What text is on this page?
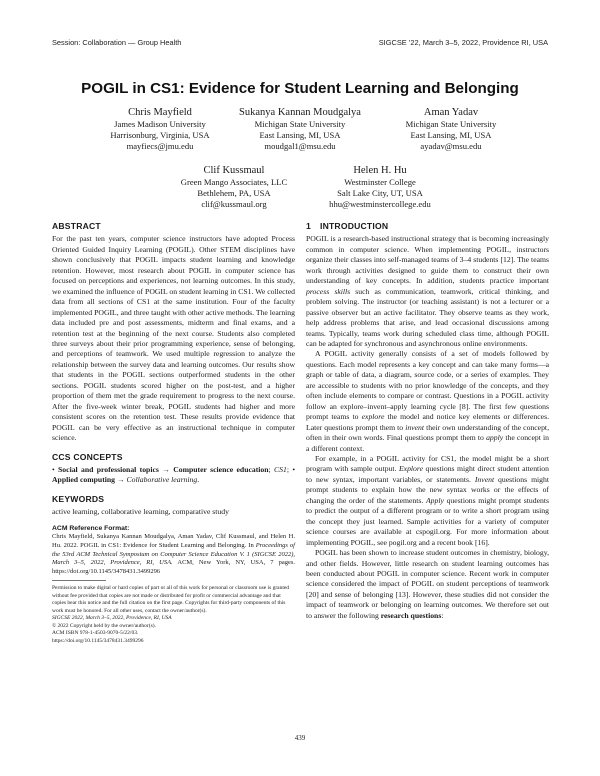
Session: Collaboration — Group Health	SIGCSE ’22, March 3–5, 2022, Providence RI, USA
POGIL in CS1: Evidence for Student Learning and Belonging
Chris Mayfield
James Madison University
Harrisonburg, Virginia, USA
mayfiecs@jmu.edu
Sukanya Kannan Moudgalya
Michigan State University
East Lansing, MI, USA
moudgal1@msu.edu
Aman Yadav
Michigan State University
East Lansing, MI, USA
ayadav@msu.edu
Clif Kussmaul
Green Mango Associates, LLC
Bethlehem, PA, USA
clif@kussmaul.org
Helen H. Hu
Westminster College
Salt Lake City, UT, USA
hhu@westminstercollege.edu
ABSTRACT

For the past ten years, computer science instructors have adopted Process Oriented Guided Inquiry Learning (POGIL). Other STEM disciplines have shown conclusively that POGIL impacts student learning and knowledge retention. However, most research about POGIL in computer science has focused on perceptions and experiences, not learning outcomes. In this study, we examined the influence of POGIL on student learning in CS1. We collected data from all sections of CS1 at the same institution. Four of the faculty implemented POGIL, and three taught with other active methods. The learning data included pre and post assessments, midterm and final exams, and a retention test at the beginning of the next course. Students also completed three surveys about their prior programming experience, sense of belonging, and perceptions of teamwork. We used multiple regression to analyze the relationship between the survey data and learning outcomes. Our results show that students in the POGIL sections outperformed students in the other sections. POGIL students scored higher on the post-test, and a higher proportion of them met the grade requirement to progress to the next course. After the five-week winter break, POGIL students had higher and more consistent scores on the retention test. These results provide evidence that POGIL can be very effective as an instructional technique in computer science.

CCS CONCEPTS

• Social and professional topics → Computer science education; CS1; • Applied computing → Collaborative learning.

KEYWORDS

active learning, collaborative learning, comparative study

ACM Reference Format:
Chris Mayfield, Sukanya Kannan Moudgalya, Aman Yadav, Clif Kussmaul, and Helen H. Hu. 2022. POGIL in CS1: Evidence for Student Learning and Belonging. In Proceedings of the 53rd ACM Technical Symposium on Computer Science Education V. 1 (SIGCSE 2022), March 3–5, 2022, Providence, RI, USA. ACM, New York, NY, USA, 7 pages. https://doi.org/10.1145/3478431.3499296
Permission to make digital or hard copies of part or all of this work for personal or classroom use is granted without fee provided that copies are not made or distributed for profit or commercial advantage and that copies bear this notice and the full citation on the first page. Copyrights for third-party components of this work must be honored. For all other uses, contact the owner/author(s).
SIGCSE 2022, March 3–5, 2022, Providence, RI, USA
© 2022 Copyright held by the owner/author(s).
ACM ISBN 978-1-4503-9070-5/22/03.
https://doi.org/10.1145/3478431.3499296
1 INTRODUCTION

POGIL is a research-based instructional strategy that is becoming increasingly common in computer science. When implementing POGIL, instructors organize their classes into self-managed teams of 3–4 students [12]. The teams work through activities designed to guide them to construct their own understanding of key concepts. In addition, students practice important process skills such as communication, teamwork, critical thinking, and problem solving. The instructor (or teaching assistant) is not a lecturer or a passive observer but an active facilitator. They observe teams as they work, help address problems that arise, and lead occasional discussions among teams. Typically, teams work during scheduled class time, although POGIL can be adapted for synchronous and asynchronous online environments.

A POGIL activity generally consists of a set of models followed by questions. Each model represents a key concept and can take many forms—a graph or table of data, a diagram, source code, or a series of examples. They are accessible to students with no prior knowledge of the concepts, and they often include elements to compare or contrast. Questions in a POGIL activity follow an explore–invent–apply learning cycle [8]. The first few questions prompt teams to explore the model and notice key elements or differences. Later questions prompt them to invent their own understanding of the concept, often in their own words. Final questions prompt them to apply the concept in a different context.

For example, in a POGIL activity for CS1, the model might be a short program with sample output. Explore questions might direct student attention to new syntax, important variables, or statements. Invent questions might prompt students to explain how the new syntax works or the effects of changing the order of the statements. Apply questions might prompt students to predict the output of a different program or to write a short program using the concept they just learned. Sample activities for a variety of computer science courses are available at cspogil.org. For more information about implementing POGIL, see pogil.org and a recent book [16].

POGIL has been shown to increase student outcomes in chemistry, biology, and other fields. However, little research on student learning outcomes has been conducted about POGIL in computer science. Recent work in computer science considered the impact of POGIL on student perceptions of teamwork [20] and sense of belonging [13]. However, these studies did not consider the impact of teamwork or belonging on learning outcomes. We therefore set out to answer the following research questions:

439
